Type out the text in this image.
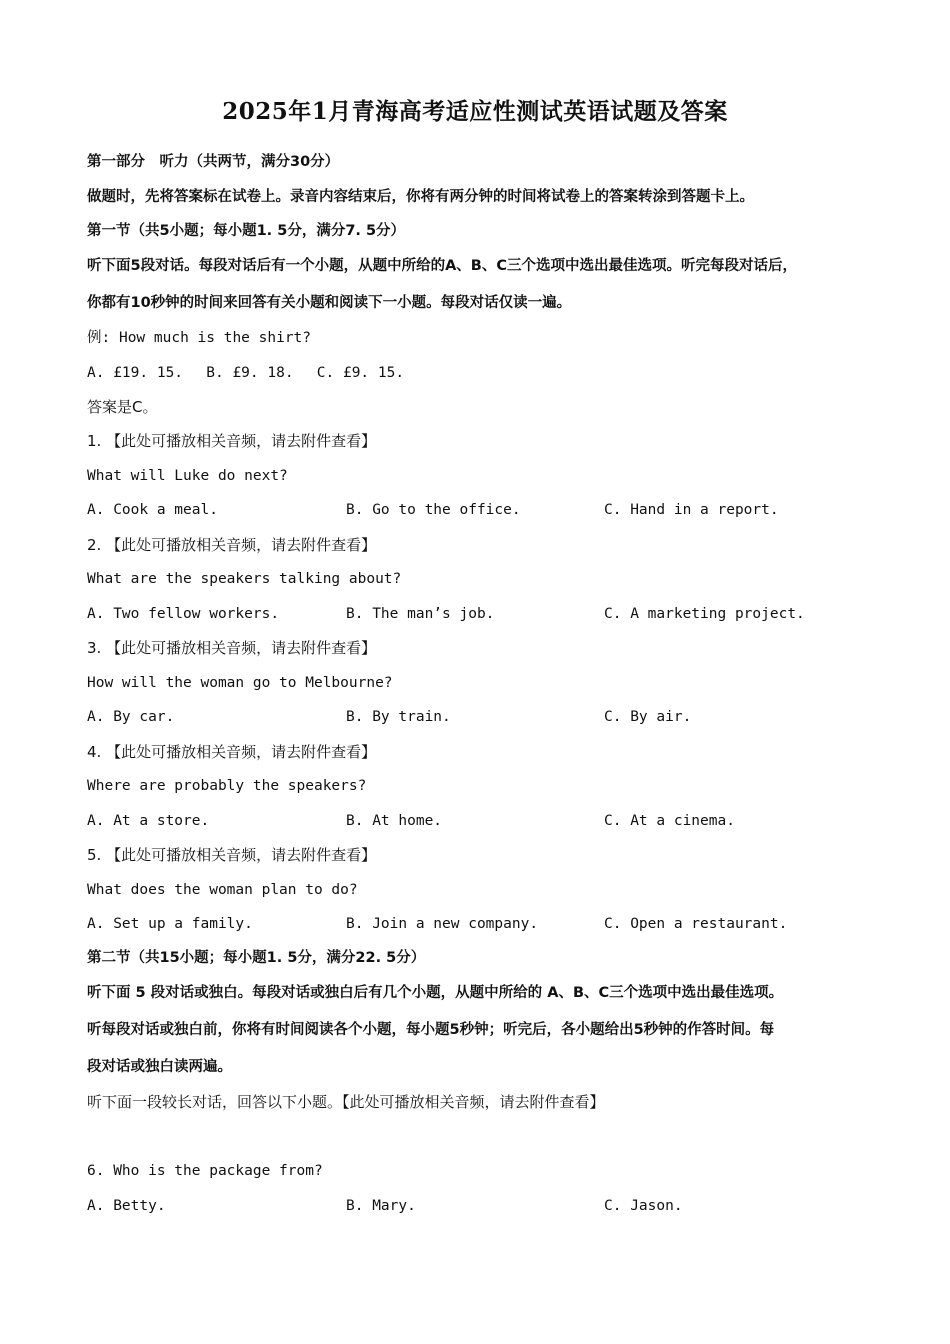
2025年1月青海高考适应性测试英语试题及答案
第一部分　听力（共两节，满分30分）
做题时，先将答案标在试卷上。录音内容结束后，你将有两分钟的时间将试卷上的答案转涂到答题卡上。
第一节（共5小题；每小题1. 5分，满分7. 5分）
听下面5段对话。每段对话后有一个小题，从题中所给的A、B、C三个选项中选出最佳选项。听完每段对话后，
你都有10秒钟的时间来回答有关小题和阅读下一小题。每段对话仅读一遍。
例: How much is the shirt?
A. £19. 15.　 B. £9. 18.　 C. £9. 15.
答案是C。
1. 【此处可播放相关音频，请去附件查看】
What will Luke do next?
A. Cook a meal.	B. Go to the office.	C. Hand in a report.
2. 【此处可播放相关音频，请去附件查看】
What are the speakers talking about?
A. Two fellow workers.	B. The man’s job.	C. A marketing project.
3. 【此处可播放相关音频，请去附件查看】
How will the woman go to Melbourne?
A. By car.	B. By train.	C. By air.
4. 【此处可播放相关音频，请去附件查看】
Where are probably the speakers?
A. At a store.	B. At home.	C. At a cinema.
5. 【此处可播放相关音频，请去附件查看】
What does the woman plan to do?
A. Set up a family.	B. Join a new company.	C. Open a restaurant.
第二节（共15小题；每小题1. 5分，满分22. 5分）
听下面 5 段对话或独白。每段对话或独白后有几个小题，从题中所给的 A、B、C三个选项中选出最佳选项。
听每段对话或独白前，你将有时间阅读各个小题，每小题5秒钟；听完后，各小题给出5秒钟的作答时间。每
段对话或独白读两遍。
听下面一段较长对话，回答以下小题。【此处可播放相关音频，请去附件查看】
6. Who is the package from?
A. Betty.	B. Mary.	C. Jason.
